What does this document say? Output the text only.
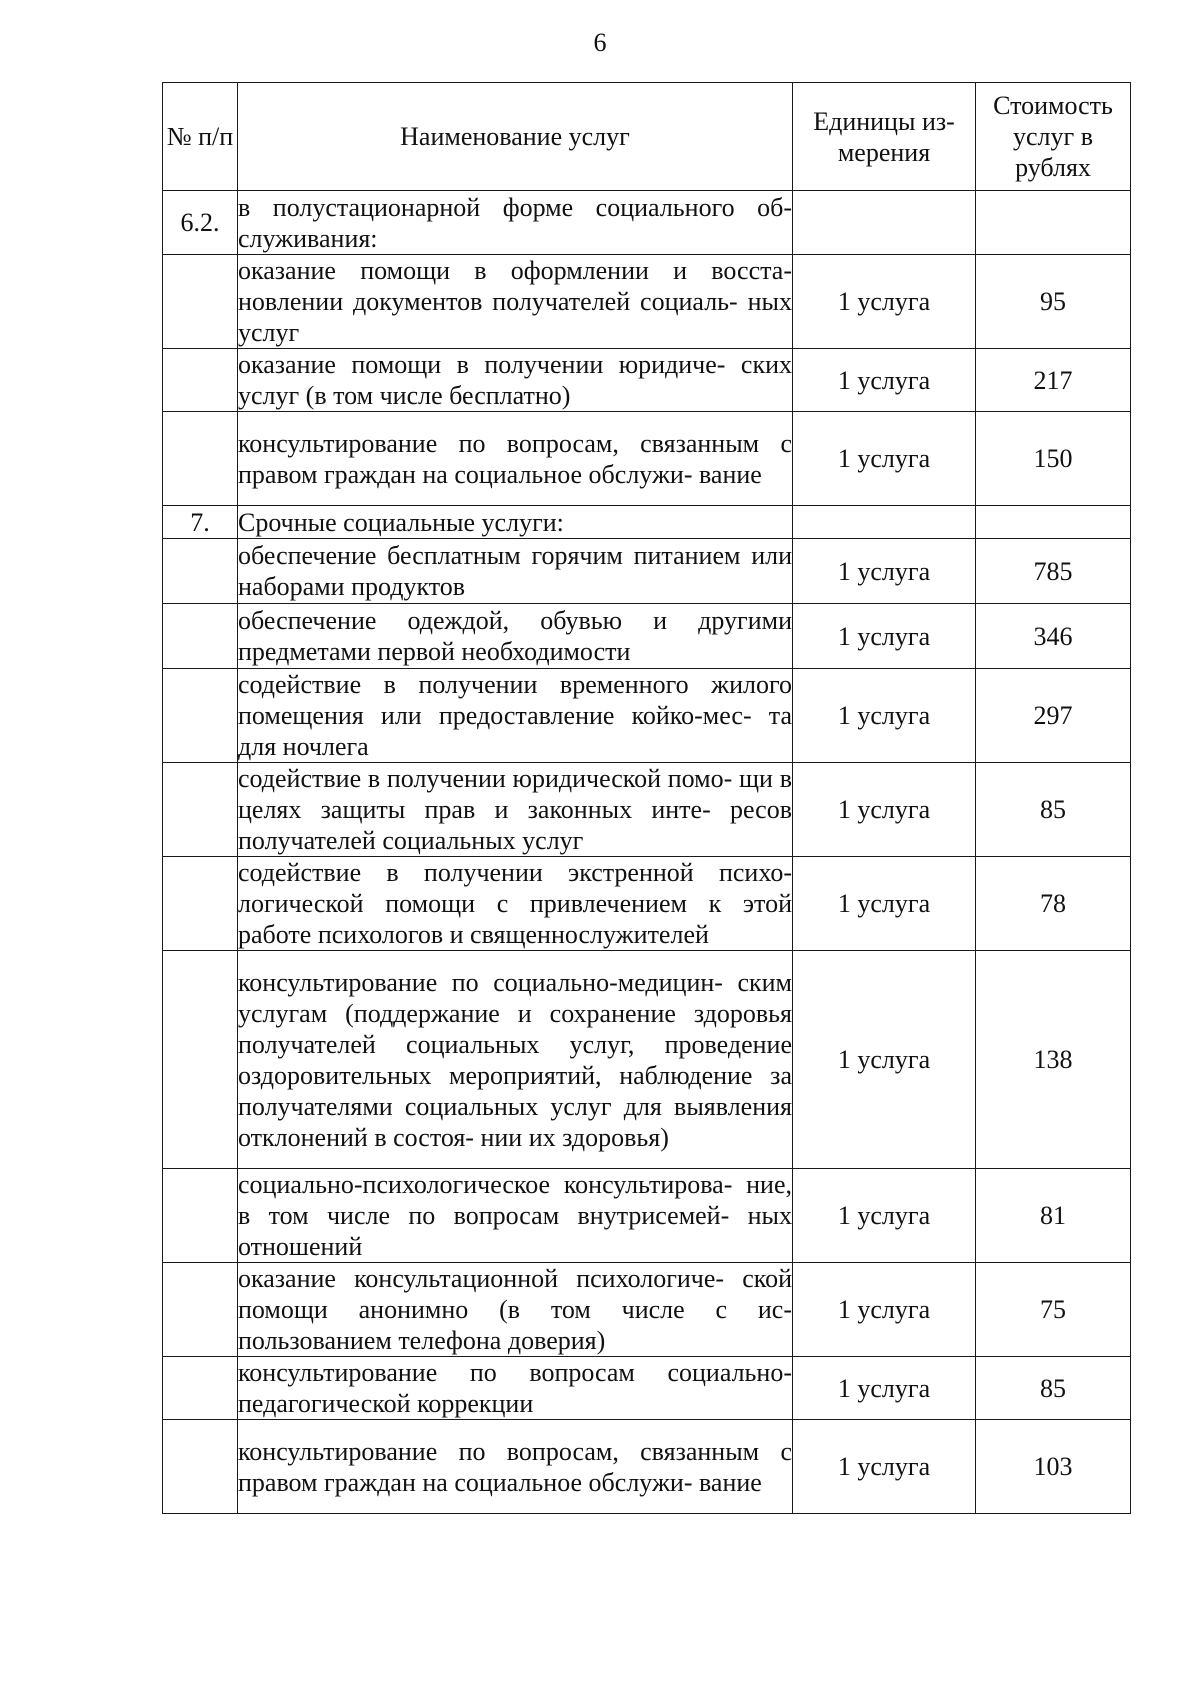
6
№ п/п	Наименование услуг	Единицы из- мерения	Стоимость услуг в рублях
6.2.	в полустационарной форме социального об- служивания:		
	оказание помощи в оформлении и восста- новлении документов получателей социаль- ных услуг	1 услуга	95
	оказание помощи в получении юридиче- ских услуг (в том числе бесплатно)	1 услуга	217
	консультирование по вопросам, связанным с правом граждан на социальное обслужи- вание	1 услуга	150
7.	Срочные социальные услуги:		
	обеспечение бесплатным горячим питанием или наборами продуктов	1 услуга	785
	обеспечение одеждой, обувью и другими предметами первой необходимости	1 услуга	346
	содействие в получении временного жилого помещения или предоставление койко-мес- та для ночлега	1 услуга	297
	содействие в получении юридической помо- щи в целях защиты прав и законных инте- ресов получателей социальных услуг	1 услуга	85
	содействие в получении экстренной психо- логической помощи с привлечением к этой работе психологов и священнослужителей	1 услуга	78
	консультирование по социально-медицин- ским услугам (поддержание и сохранение здоровья получателей социальных услуг, проведение оздоровительных мероприятий, наблюдение за получателями социальных услуг для выявления отклонений в состоя- нии их здоровья)	1 услуга	138
	социально-психологическое консультирова- ние, в том числе по вопросам внутрисемей- ных отношений	1 услуга	81
	оказание консультационной психологиче- ской помощи анонимно (в том числе с ис- пользованием телефона доверия)	1 услуга	75
	консультирование по вопросам социально- педагогической коррекции	1 услуга	85
	консультирование по вопросам, связанным с правом граждан на социальное обслужи- вание	1 услуга	103
